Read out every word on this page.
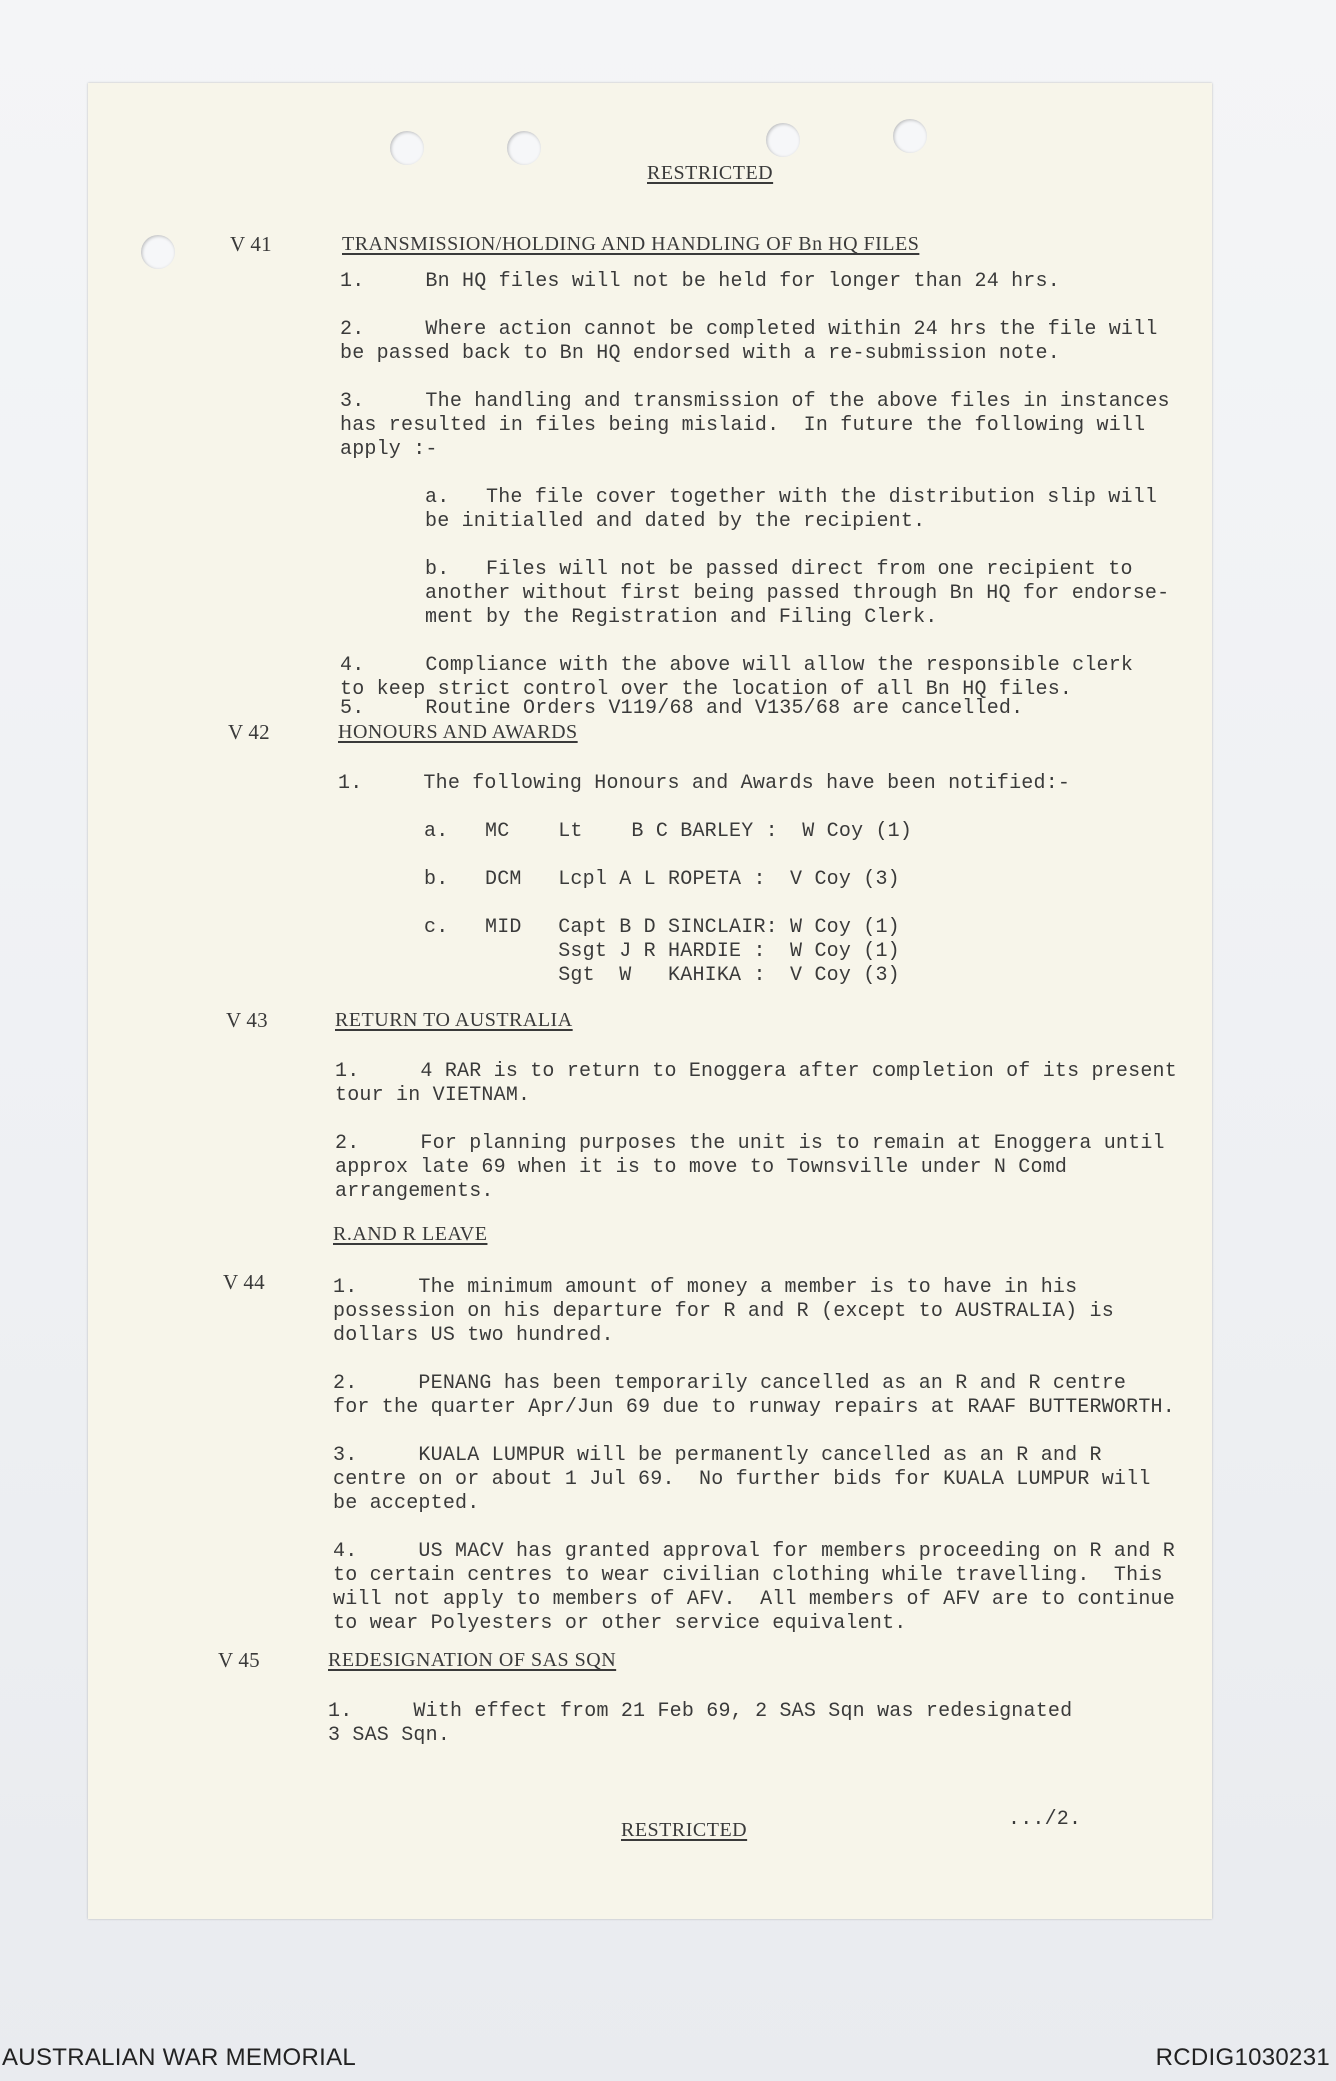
RESTRICTED
V 41	TRANSMISSION/HOLDING AND HANDLING OF Bn HQ FILES
1.     Bn HQ files will not be held for longer than 24 hrs.
2.     Where action cannot be completed within 24 hrs the file will
be passed back to Bn HQ endorsed with a re-submission note.
3.     The handling and transmission of the above files in instances
has resulted in files being mislaid.  In future the following will
apply :-
a.   The file cover together with the distribution slip will
be initialled and dated by the recipient.
b.   Files will not be passed direct from one recipient to
another without first being passed through Bn HQ for endorse-
ment by the Registration and Filing Clerk.
4.     Compliance with the above will allow the responsible clerk
to keep strict control over the location of all Bn HQ files.
5.     Routine Orders V119/68 and V135/68 are cancelled.
V 42	HONOURS AND AWARDS
1.     The following Honours and Awards have been notified:-
a.   MC    Lt    B C BARLEY :  W Coy (1)
b.   DCM   Lcpl A L ROPETA :  V Coy (3)
c.   MID   Capt B D SINCLAIR: W Coy (1)
Ssgt J R HARDIE :  W Coy (1)
Sgt  W   KAHIKA :  V Coy (3)
V 43	RETURN TO AUSTRALIA
1.     4 RAR is to return to Enoggera after completion of its present
tour in VIETNAM.
2.     For planning purposes the unit is to remain at Enoggera until
approx late 69 when it is to move to Townsville under N Comd
arrangements.
R.AND R LEAVE
V 44	1.     The minimum amount of money a member is to have in his
possession on his departure for R and R (except to AUSTRALIA) is
dollars US two hundred.
2.     PENANG has been temporarily cancelled as an R and R centre
for the quarter Apr/Jun 69 due to runway repairs at RAAF BUTTERWORTH.
3.     KUALA LUMPUR will be permanently cancelled as an R and R
centre on or about 1 Jul 69.  No further bids for KUALA LUMPUR will
be accepted.
4.     US MACV has granted approval for members proceeding on R and R
to certain centres to wear civilian clothing while travelling.  This
will not apply to members of AFV.  All members of AFV are to continue
to wear Polyesters or other service equivalent.
V 45	REDESIGNATION OF SAS SQN
1.     With effect from 21 Feb 69, 2 SAS Sqn was redesignated
3 SAS Sqn.
RESTRICTED	.../2.
AUSTRALIAN WAR MEMORIAL	RCDIG1030231
